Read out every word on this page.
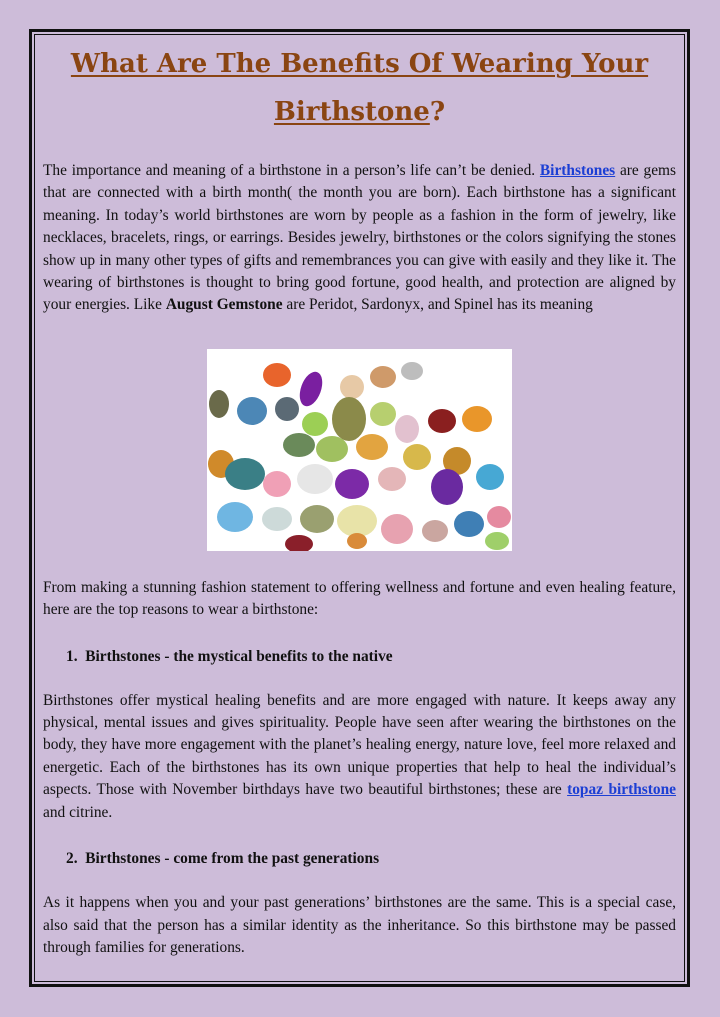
What Are The Benefits Of Wearing Your
Birthstone?

The importance and meaning of a birthstone in a person’s life can’t be denied. Birthstones are gems that are connected with a birth month( the month you are born). Each birthstone has a significant meaning. In today’s world birthstones are worn by people as a fashion in the form of jewelry, like necklaces, bracelets, rings, or earrings. Besides jewelry, birthstones or the colors signifying the stones show up in many other types of gifts and remembrances you can give with easily and they like it. The wearing of birthstones is thought to bring good fortune, good health, and protection are aligned by your energies. Like August Gemstone are Peridot, Sardonyx, and Spinel has its meaning

From making a stunning fashion statement to offering wellness and fortune and even healing feature, here are the top reasons to wear a birthstone:

1. Birthstones - the mystical benefits to the native

Birthstones offer mystical healing benefits and are more engaged with nature. It keeps away any physical, mental issues and gives spirituality. People have seen after wearing the birthstones on the body, they have more engagement with the planet’s healing energy, nature love, feel more relaxed and energetic. Each of the birthstones has its own unique properties that help to heal the individual’s aspects. Those with November birthdays have two beautiful birthstones; these are topaz birthstone and citrine.

2. Birthstones - come from the past generations

As it happens when you and your past generations’ birthstones are the same. This is a special case, also said that the person has a similar identity as the inheritance. So this birthstone may be passed through families for generations.
